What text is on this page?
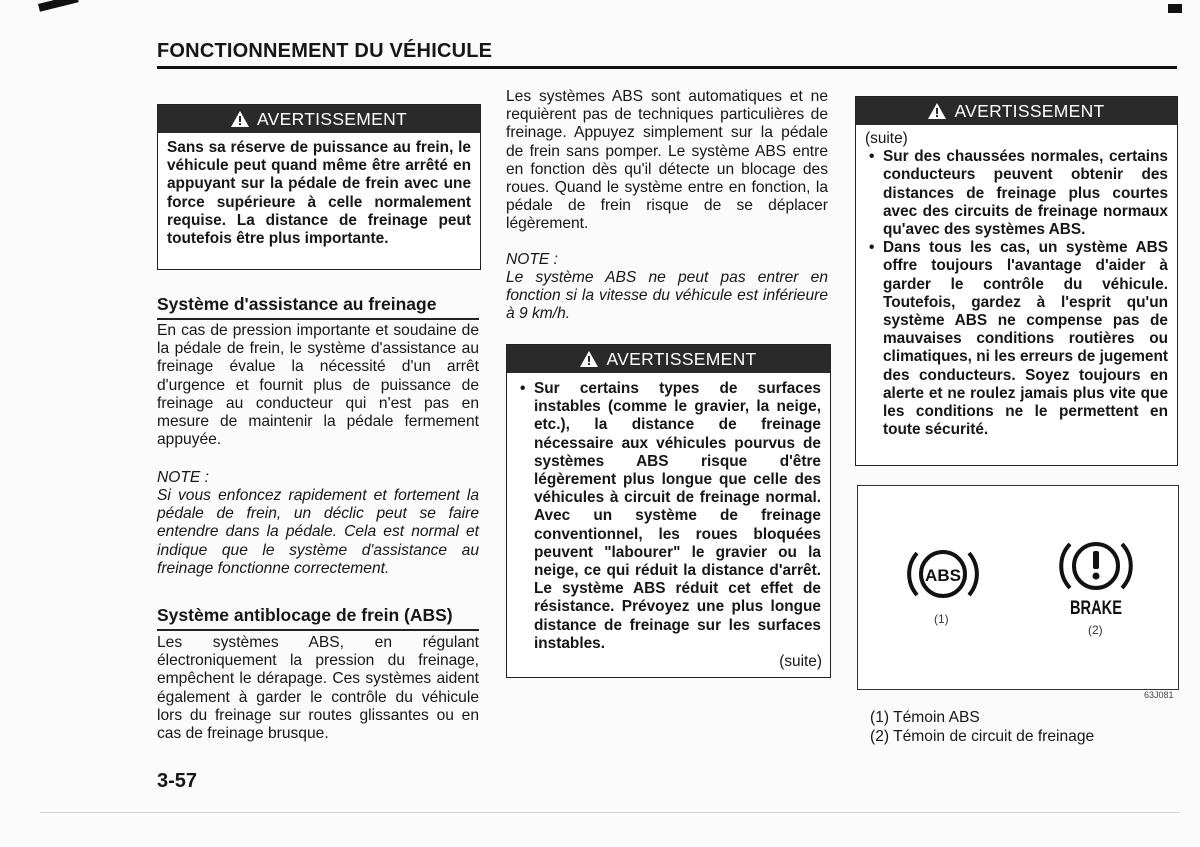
FONCTIONNEMENT DU VÉHICULE
AVERTISSEMENT
Sans sa réserve de puissance au frein, le véhicule peut quand même être arrêté en appuyant sur la pédale de frein avec une force supérieure à celle normalement requise. La distance de freinage peut toutefois être plus importante.
Système d'assistance au freinage
En cas de pression importante et soudaine de la pédale de frein, le système d'assistance au freinage évalue la nécessité d'un arrêt d'urgence et fournit plus de puissance de freinage au conducteur qui n'est pas en mesure de maintenir la pédale fermement appuyée.
NOTE :
Si vous enfoncez rapidement et fortement la pédale de frein, un déclic peut se faire entendre dans la pédale. Cela est normal et indique que le système d'assistance au freinage fonctionne correctement.
Système antiblocage de frein (ABS)
Les systèmes ABS, en régulant électroniquement la pression du freinage, empêchent le dérapage. Ces systèmes aident également à garder le contrôle du véhicule lors du freinage sur routes glissantes ou en cas de freinage brusque.
Les systèmes ABS sont automatiques et ne requièrent pas de techniques particulières de freinage. Appuyez simplement sur la pédale de frein sans pomper. Le système ABS entre en fonction dès qu'il détecte un blocage des roues. Quand le système entre en fonction, la pédale de frein risque de se déplacer légèrement.
NOTE :
Le système ABS ne peut pas entrer en fonction si la vitesse du véhicule est inférieure à 9 km/h.
AVERTISSEMENT
• Sur certains types de surfaces instables (comme le gravier, la neige, etc.), la distance de freinage nécessaire aux véhicules pourvus de systèmes ABS risque d'être légèrement plus longue que celle des véhicules à circuit de freinage normal. Avec un système de freinage conventionnel, les roues bloquées peuvent "labourer" le gravier ou la neige, ce qui réduit la distance d'arrêt. Le système ABS réduit cet effet de résistance. Prévoyez une plus longue distance de freinage sur les surfaces instables.
(suite)
AVERTISSEMENT
(suite)
• Sur des chaussées normales, certains conducteurs peuvent obtenir des distances de freinage plus courtes avec des circuits de freinage normaux qu'avec des systèmes ABS.
• Dans tous les cas, un système ABS offre toujours l'avantage d'aider à garder le contrôle du véhicule. Toutefois, gardez à l'esprit qu'un système ABS ne compense pas de mauvaises conditions routières ou climatiques, ni les erreurs de jugement des conducteurs. Soyez toujours en alerte et ne roulez jamais plus vite que les conditions ne le permettent en toute sécurité.
ABS
(1)	BRAKE
(2)
63J081
(1) Témoin ABS
(2) Témoin de circuit de freinage
3-57
